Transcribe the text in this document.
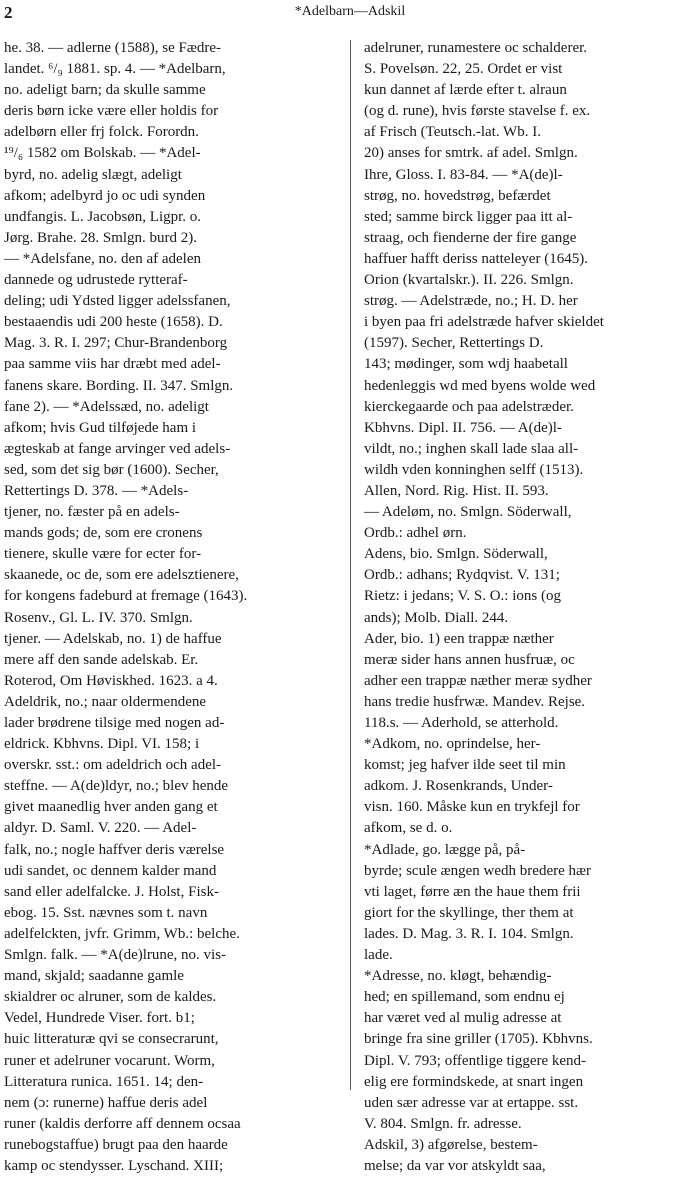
2	*Adelbarn—Adskil
he. 38. — adlerne (1588), se Fædre-
landet. ⁶/₉ 1881. sp. 4. — *Adelbarn,
no. adeligt barn; da skulle samme
deris børn icke være eller holdis for
adelbørn eller frj folck. Forordn.
¹⁹/₆ 1582 om Bolskab. — *Adel-
byrd, no. adelig slægt, adeligt
afkom; adelbyrd jo oc udi synden
undfangis. L. Jacobsøn, Ligpr. o.
Jørg. Brahe. 28. Smlgn. burd 2).
— *Adelsfane, no. den af adelen
dannede og udrustede rytteraf-
deling; udi Ydsted ligger adelssfanen,
bestaaendis udi 200 heste (1658). D.
Mag. 3. R. I. 297; Chur-Brandenborg
paa samme viis har dræbt med adel-
fanens skare. Bording. II. 347. Smlgn.
fane 2). — *Adelssæd, no. adeligt
afkom; hvis Gud tilføjede ham i
ægteskab at fange arvinger ved adels-
sed, som det sig bør (1600). Secher,
Rettertings D. 378. — *Adels-
tjener, no. fæster på en adels-
mands gods; de, som ere cronens
tienere, skulle være for ecter for-
skaanede, oc de, som ere adelsztienere,
for kongens fadeburd at fremage (1643).
Rosenv., Gl. L. IV. 370. Smlgn.
tjener. — Adelskab, no. 1) de haffue
mere aff den sande adelskab. Er.
Roterod, Om Høviskhed. 1623. a 4.
Adeldrik, no.; naar oldermendene
lader brødrene tilsige med nogen ad-
eldrick. Kbhvns. Dipl. VI. 158; i
overskr. sst.: om adeldrich och adel-
steffne. — A(de)ldyr, no.; blev hende
givet maanedlig hver anden gang et
aldyr. D. Saml. V. 220. — Adel-
falk, no.; nogle haffver deris værelse
udi sandet, oc dennem kalder mand
sand eller adelfalcke. J. Holst, Fisk-
ebog. 15. Sst. nævnes som t. navn
adelfelckten, jvfr. Grimm, Wb.: belche.
Smlgn. falk. — *A(de)lrune, no. vis-
mand, skjald; saadanne gamle
skialdrer oc alruner, som de kaldes.
Vedel, Hundrede Viser. fort. b1;
huic litteraturæ qvi se consecrarunt,
runer et adelruner vocarunt. Worm,
Litteratura runica. 1651. 14; den-
nem (ɔ: runerne) haffue deris adel
runer (kaldis derforre aff dennem ocsaa
runebogstaffue) brugt paa den haarde
kamp oc stendysser. Lyschand. XIII;
adelruner, runamestere oc schalderer.
S. Povelsøn. 22, 25. Ordet er vist
kun dannet af lærde efter t. alraun
(og d. rune), hvis første stavelse f. ex.
af Frisch (Teutsch.-lat. Wb. I.
20) anses for smtrk. af adel. Smlgn.
Ihre, Gloss. I. 83-84. — *A(de)l-
strøg, no. hovedstrøg, befærdet
sted; samme birck ligger paa itt al-
straag, och fienderne der fire gange
haffuer hafft deriss natteleyer (1645).
Orion (kvartalskr.). II. 226. Smlgn.
strøg. — Adelstræde, no.; H. D. her
i byen paa fri adelstræde hafver skieldet
(1597). Secher, Rettertings D.
143; mødinger, som wdj haabetall
hedenleggis wd med byens wolde wed
kierckegaarde och paa adelstræder.
Kbhvns. Dipl. II. 756. — A(de)l-
vildt, no.; inghen skall lade slaa all-
wildh vden konninghen selff (1513).
Allen, Nord. Rig. Hist. II. 593.
— Adeløm, no. Smlgn. Söderwall,
Ordb.: adhel ørn.
Adens, bio. Smlgn. Söderwall,
Ordb.: adhans; Rydqvist. V. 131;
Rietz: i jedans; V. S. O.: ions (og
ands); Molb. Diall. 244.
Ader, bio. 1) een trappæ næther
meræ sider hans annen husfruæ, oc
adher een trappæ næther meræ sydher
hans tredie husfrwæ. Mandev. Rejse.
118.s. — Aderhold, se atterhold.
*Adkom, no. oprindelse, her-
komst; jeg hafver ilde seet til min
adkom. J. Rosenkrands, Under-
visn. 160. Måske kun en trykfejl for
afkom, se d. o.
*Adlade, go. lægge på, på-
byrde; scule ængen wedh bredere hær
vti laget, førre æn the haue them frii
giort for the skyllinge, ther them at
lades. D. Mag. 3. R. I. 104. Smlgn.
lade.
*Adresse, no. kløgt, behændig-
hed; en spillemand, som endnu ej
har været ved al mulig adresse at
bringe fra sine griller (1705). Kbhvns.
Dipl. V. 793; offentlige tiggere kend-
elig ere formindskede, at snart ingen
uden sær adresse var at ertappe. sst.
V. 804. Smlgn. fr. adresse.
Adskil, 3) afgørelse, bestem-
melse; da var vor atskyldt saa,
